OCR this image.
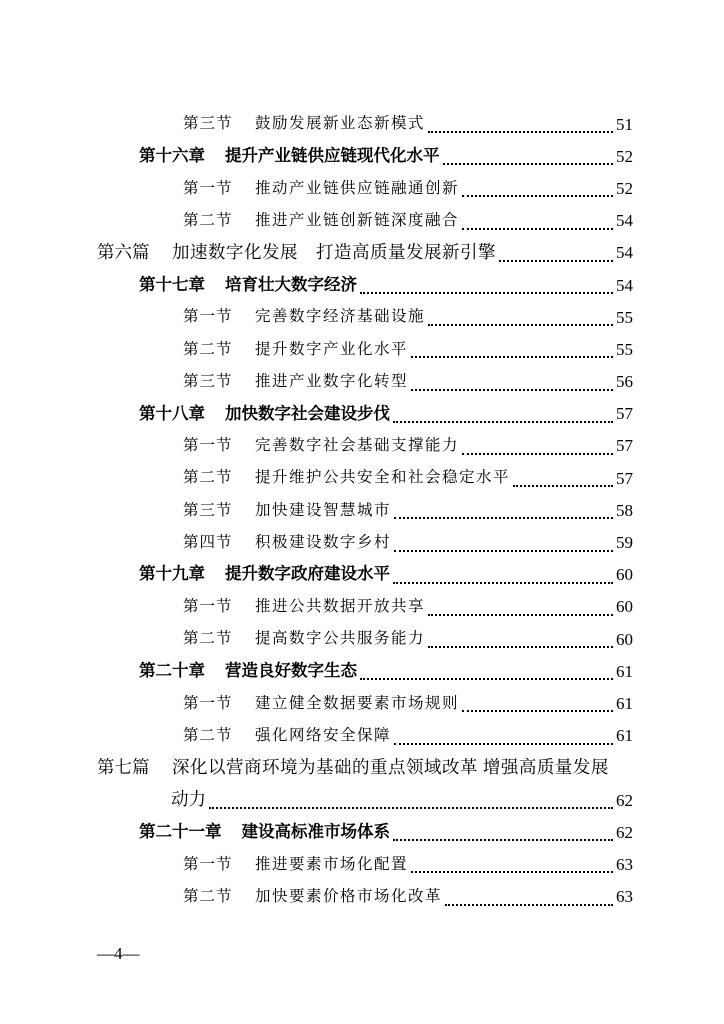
第三节	鼓励发展新业态新模式	51
第十六章 提升产业链供应链现代化水平	52
第一节	推动产业链供应链融通创新	52
第二节	推进产业链创新链深度融合	54
第六篇	加速数字化发展　打造高质量发展新引擎	54
第十七章 培育壮大数字经济	54
第一节	完善数字经济基础设施	55
第二节	提升数字产业化水平	55
第三节	推进产业数字化转型	56
第十八章 加快数字社会建设步伐	57
第一节	完善数字社会基础支撑能力	57
第二节	提升维护公共安全和社会稳定水平	57
第三节	加快建设智慧城市	58
第四节	积极建设数字乡村	59
第十九章 提升数字政府建设水平	60
第一节	推进公共数据开放共享	60
第二节	提高数字公共服务能力	60
第二十章 营造良好数字生态	61
第一节	建立健全数据要素市场规则	61
第二节	强化网络安全保障	61
第七篇	深化以营商环境为基础的重点领域改革 增强高质量发展
动力	62
第二十一章 建设高标准市场体系	62
第一节	推进要素市场化配置	63
第二节	加快要素价格市场化改革	63
—4—
